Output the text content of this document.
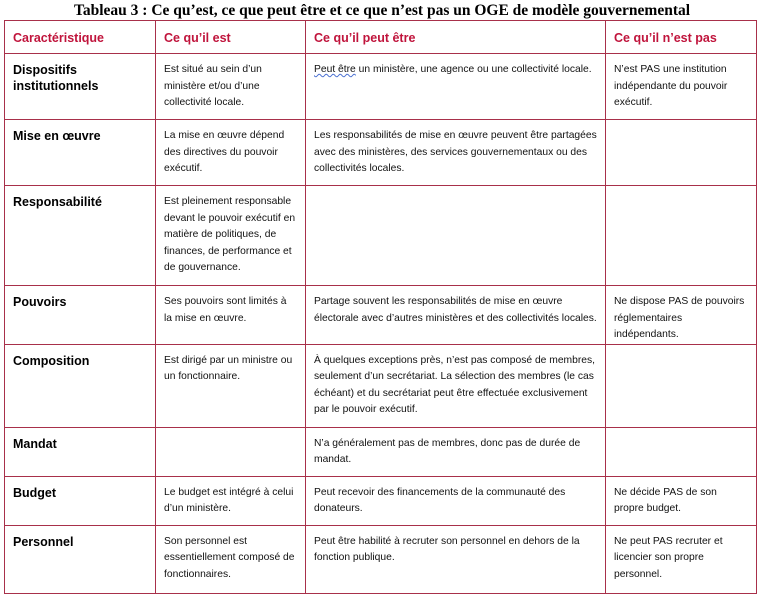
Tableau 3 : Ce qu’est, ce que peut être et ce que n’est pas un OGE de modèle gouvernemental
Caractéristique	Ce qu’il est	Ce qu’il peut être	Ce qu’il n’est pas
Dispositifs institutionnels	Est situé au sein d’un ministère et/ou d’une collectivité locale.	Peut être un ministère, une agence ou une collectivité locale.	N’est PAS une institution indépendante du pouvoir exécutif.
Mise en œuvre	La mise en œuvre dépend des directives du pouvoir exécutif.	Les responsabilités de mise en œuvre peuvent être partagées avec des ministères, des services gouvernementaux ou des collectivités locales.	
Responsabilité	Est pleinement responsable devant le pouvoir exécutif en matière de politiques, de finances, de performance et de gouvernance.		
Pouvoirs	Ses pouvoirs sont limités à la mise en œuvre.	Partage souvent les responsabilités de mise en œuvre électorale avec d’autres ministères et des collectivités locales.	Ne dispose PAS de pouvoirs réglementaires indépendants.
Composition	Est dirigé par un ministre ou un fonctionnaire.	À quelques exceptions près, n’est pas composé de membres, seulement d’un secrétariat. La sélection des membres (le cas échéant) et du secrétariat peut être effectuée exclusivement par le pouvoir exécutif.	
Mandat		N’a généralement pas de membres, donc pas de durée de mandat.	
Budget	Le budget est intégré à celui d’un ministère.	Peut recevoir des financements de la communauté des donateurs.	Ne décide PAS de son propre budget.
Personnel	Son personnel est essentiellement composé de fonctionnaires.	Peut être habilité à recruter son personnel en dehors de la fonction publique.	Ne peut PAS recruter et licencier son propre personnel.
